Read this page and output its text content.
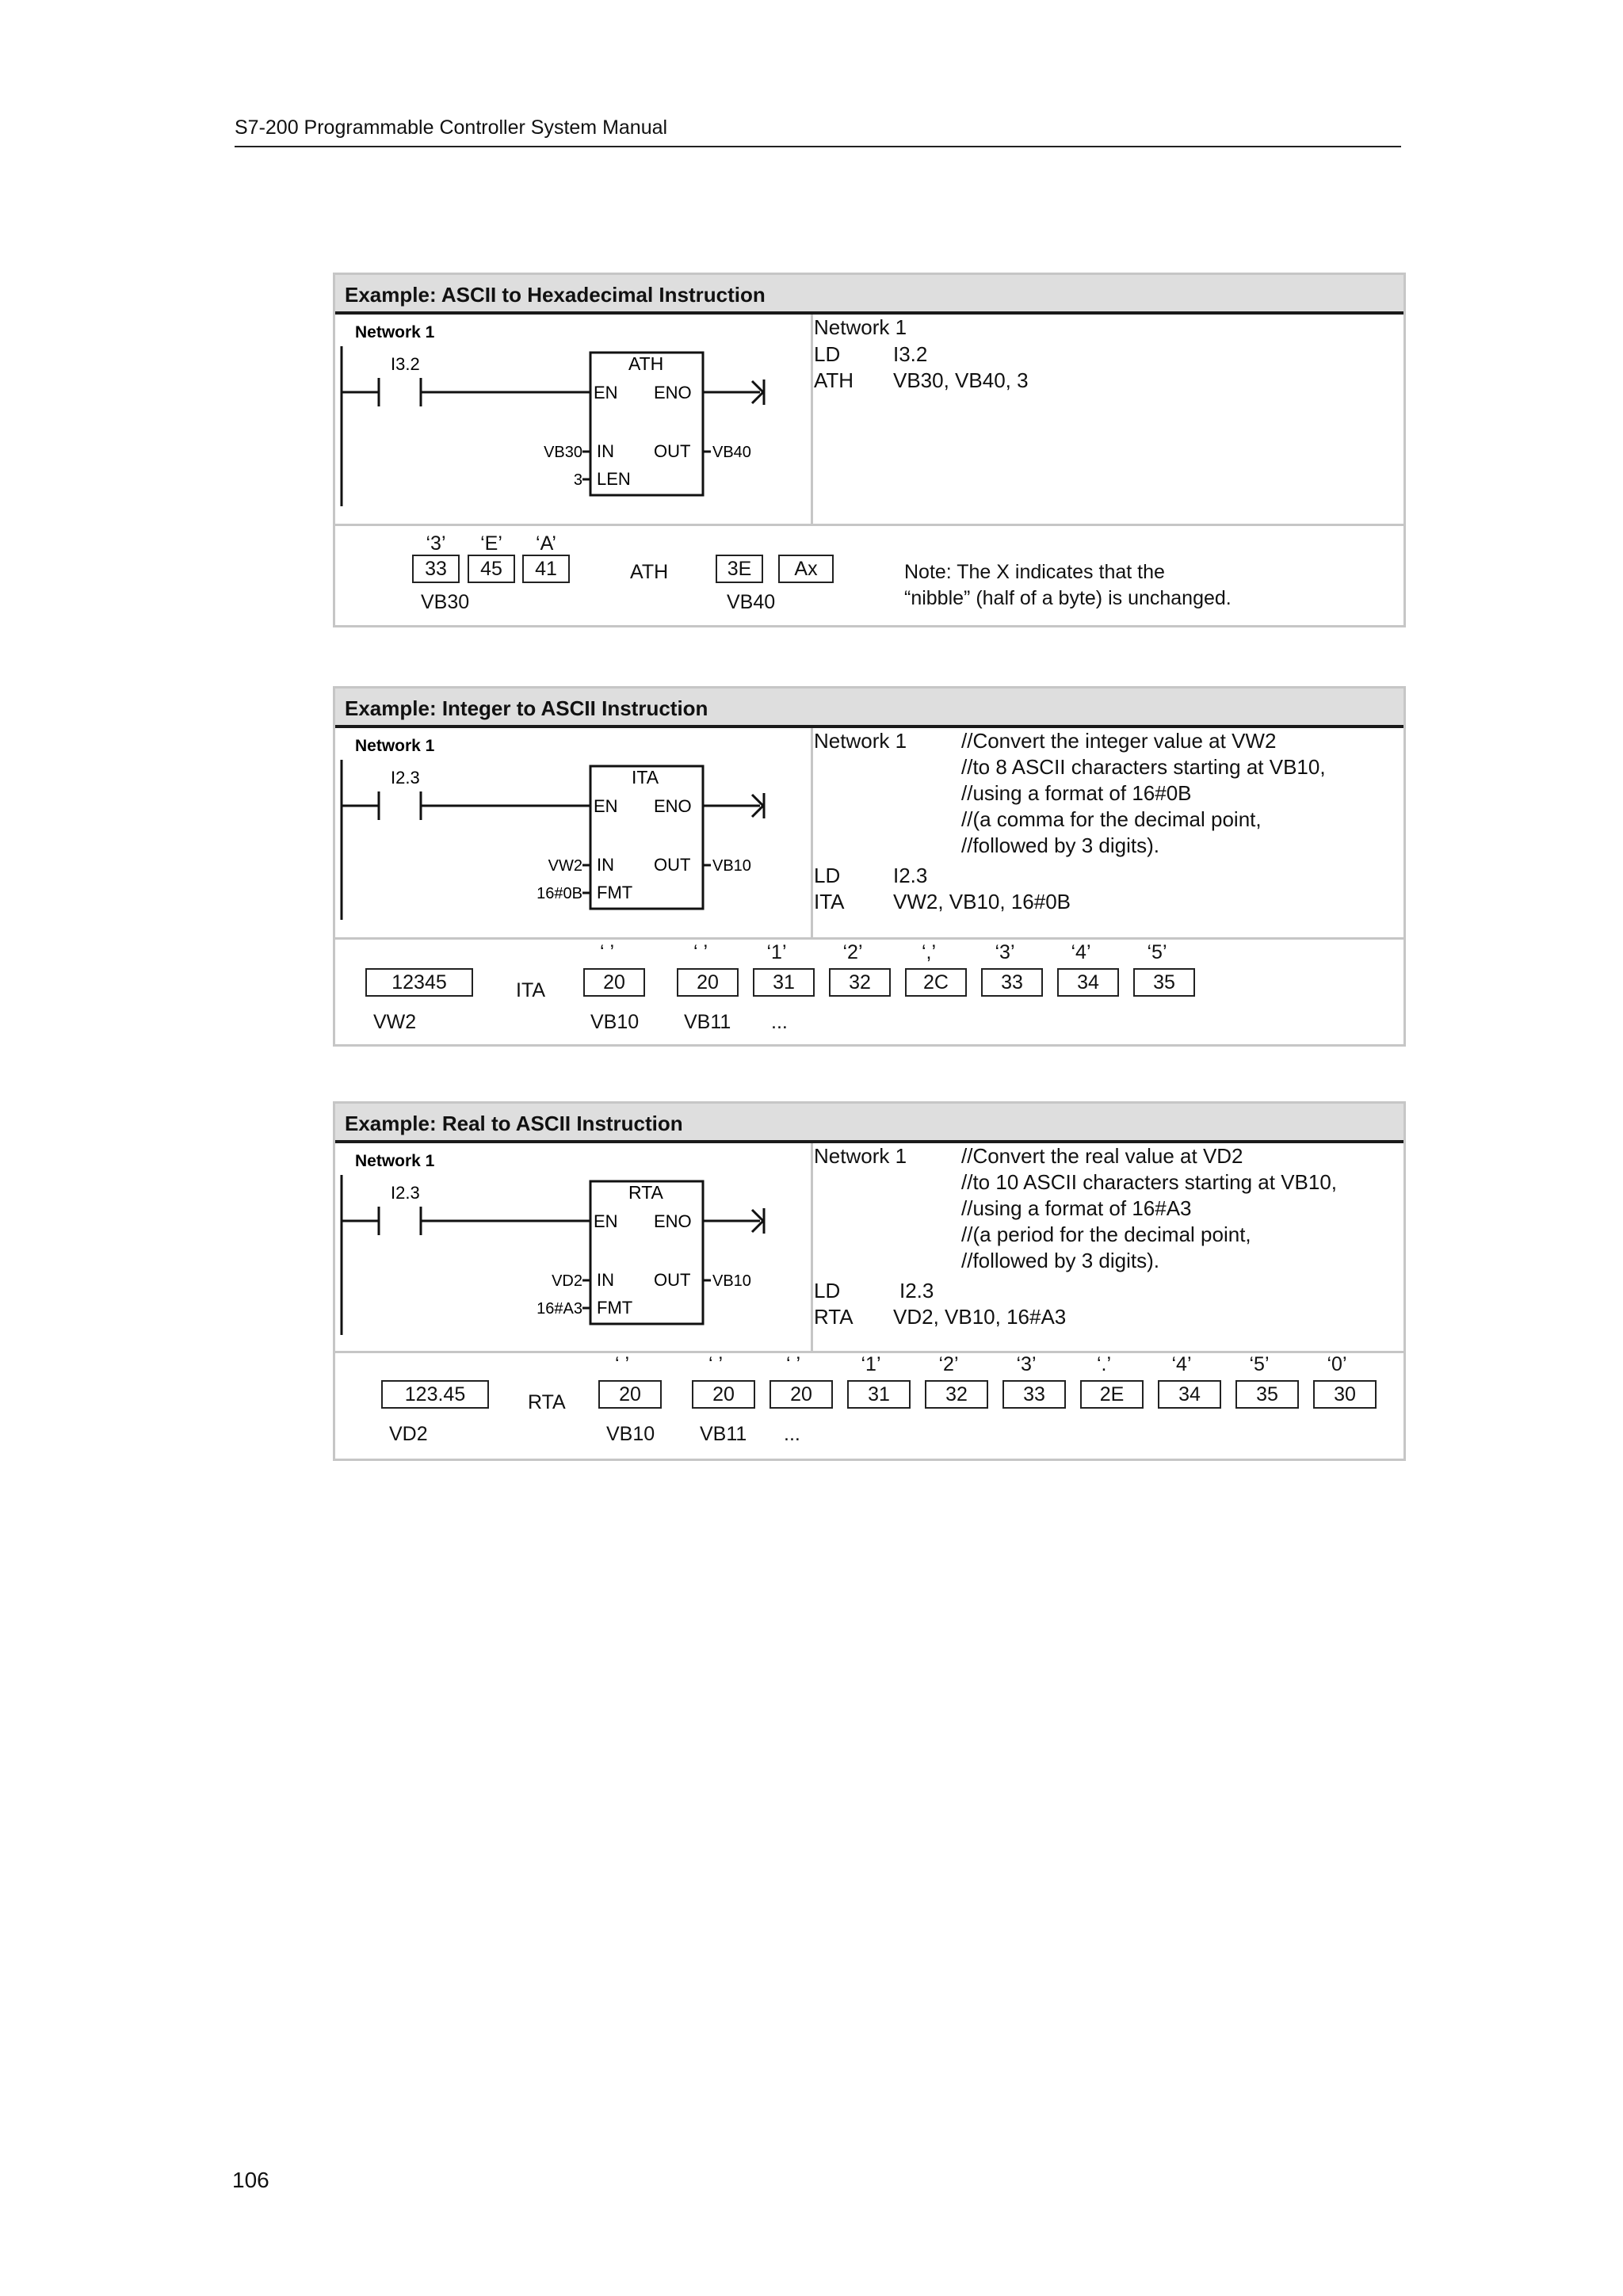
S7-200 Programmable Controller System Manual
Example: ASCII to Hexadecimal Instruction
Network 1
I3.2	ATH
EN ENO
VB30 IN OUT VB40
3 LEN
Network 1
LD	I3.2
ATH VB30, VB40, 3
‘3’	‘E’	‘A’
33	45	41	ATH	3E	Ax
VB30	VB40
Note: The X indicates that the
“nibble” (half of a byte) is unchanged.
Example: Integer to ASCII Instruction
Network 1
I2.3	ITA
EN ENO
VW2 IN OUT VB10
16#0B FMT
Network 1	//Convert the integer value at VW2
//to 8 ASCII characters starting at VB10,
//using a format of 16#0B
//(a comma for the decimal point,
//followed by 3 digits).
LD	I2.3
ITA VW2, VB10, 16#0B
12345
VW2
ITA
‘ ’	‘ ’	‘1’	‘2’	‘,’	‘3’	‘4’	‘5’
20	20	31	32	2C	33	34	35
VB10 VB11 ...
Example: Real to ASCII Instruction
Network 1
I2.3	RTA
EN ENO
VD2 IN OUT VB10
16#A3 FMT
Network 1	//Convert the real value at VD2
//to 10 ASCII characters starting at VB10,
//using a format of 16#A3
//(a period for the decimal point,
//followed by 3 digits).
LD	I2.3
RTA VD2, VB10, 16#A3
123.45
VD2
RTA
‘ ’	‘ ’	‘ ’	‘1’	‘2’	‘3’	‘.’	‘4’	‘5’	‘0’
20	20	20	31	32	33	2E	34	35	30
VB10 VB11 ...
106
